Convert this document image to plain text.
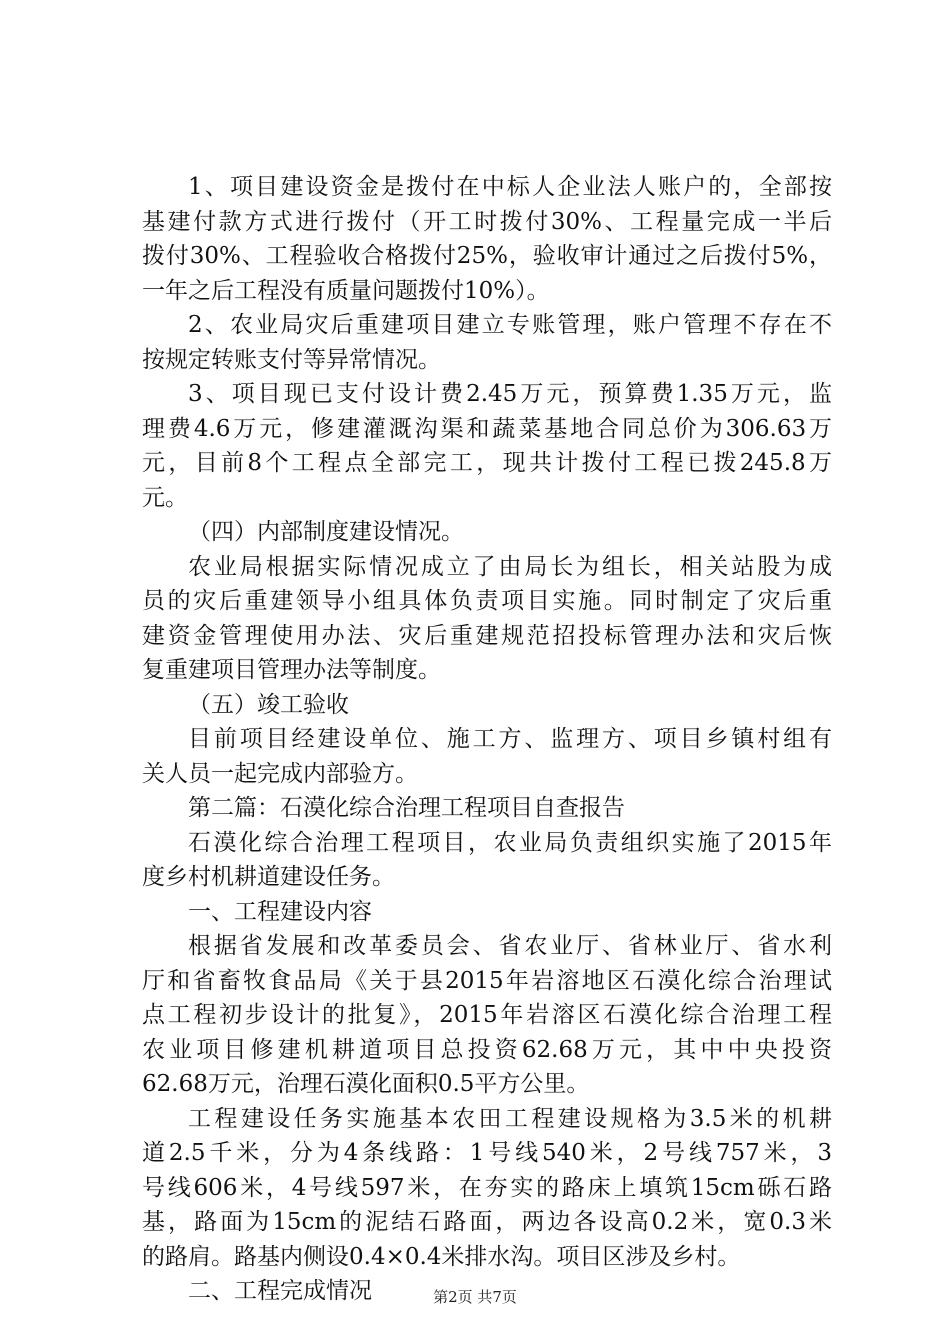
1、项目建设资金是拨付在中标人企业法人账户的，全部按
基建付款方式进行拨付（开工时拨付30%、工程量完成一半后
拨付30%、工程验收合格拨付25%，验收审计通过之后拨付5%，
一年之后工程没有质量问题拨付10%）。
2、农业局灾后重建项目建立专账管理，账户管理不存在不
按规定转账支付等异常情况。
3、项目现已支付设计费2.45万元，预算费1.35万元，监
理费4.6万元，修建灌溉沟渠和蔬菜基地合同总价为306.63万
元，目前8个工程点全部完工，现共计拨付工程已拨245.8万
元。
（四）内部制度建设情况。
农业局根据实际情况成立了由局长为组长，相关站股为成
员的灾后重建领导小组具体负责项目实施。同时制定了灾后重
建资金管理使用办法、灾后重建规范招投标管理办法和灾后恢
复重建项目管理办法等制度。
（五）竣工验收
目前项目经建设单位、施工方、监理方、项目乡镇村组有
关人员一起完成内部验方。
第二篇：石漠化综合治理工程项目自查报告
石漠化综合治理工程项目，农业局负责组织实施了2015年
度乡村机耕道建设任务。
一、工程建设内容
根据省发展和改革委员会、省农业厅、省林业厅、省水利
厅和省畜牧食品局《关于县2015年岩溶地区石漠化综合治理试
点工程初步设计的批复》，2015年岩溶区石漠化综合治理工程
农业项目修建机耕道项目总投资62.68万元，其中中央投资
62.68万元，治理石漠化面积0.5平方公里。
工程建设任务实施基本农田工程建设规格为3.5米的机耕
道2.5千米，分为4条线路：1号线540米，2号线757米，3
号线606米，4号线597米，在夯实的路床上填筑15cm砾石路
基，路面为15cm的泥结石路面，两边各设高0.2米，宽0.3米
的路肩。路基内侧设0.4×0.4米排水沟。项目区涉及乡村。
二、工程完成情况	第2页 共7页
